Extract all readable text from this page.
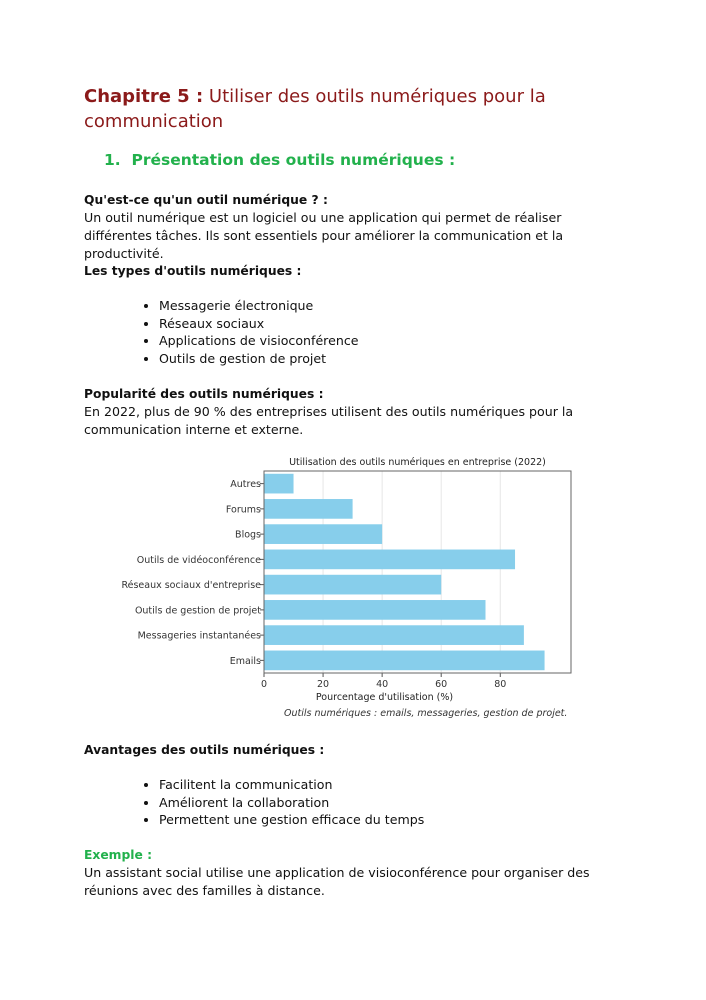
Chapitre 5 : Utiliser des outils numériques pour la communication
1. Présentation des outils numériques :

Qu'est-ce qu'un outil numérique ? :

Un outil numérique est un logiciel ou une application qui permet de réaliser différentes tâches. Ils sont essentiels pour améliorer la communication et la productivité.

Les types d'outils numériques :

• Messagerie électronique
• Réseaux sociaux
• Applications de visioconférence
• Outils de gestion de projet

Popularité des outils numériques :

En 2022, plus de 90 % des entreprises utilisent des outils numériques pour la communication interne et externe.

Avantages des outils numériques :

• Facilitent la communication
• Améliorent la collaboration
• Permettent une gestion efficace du temps

Exemple :

Un assistant social utilise une application de visioconférence pour organiser des réunions avec des familles à distance.

Utilisation des outils numériques en entreprise (2022)
0	20	40	60	80
Autres
Forums
Blogs
Outils de vidéoconférence
Réseaux sociaux d'entreprise
Outils de gestion de projet
Messageries instantanées
Emails
Pourcentage d'utilisation (%)
Outils numériques : emails, messageries, gestion de projet.
